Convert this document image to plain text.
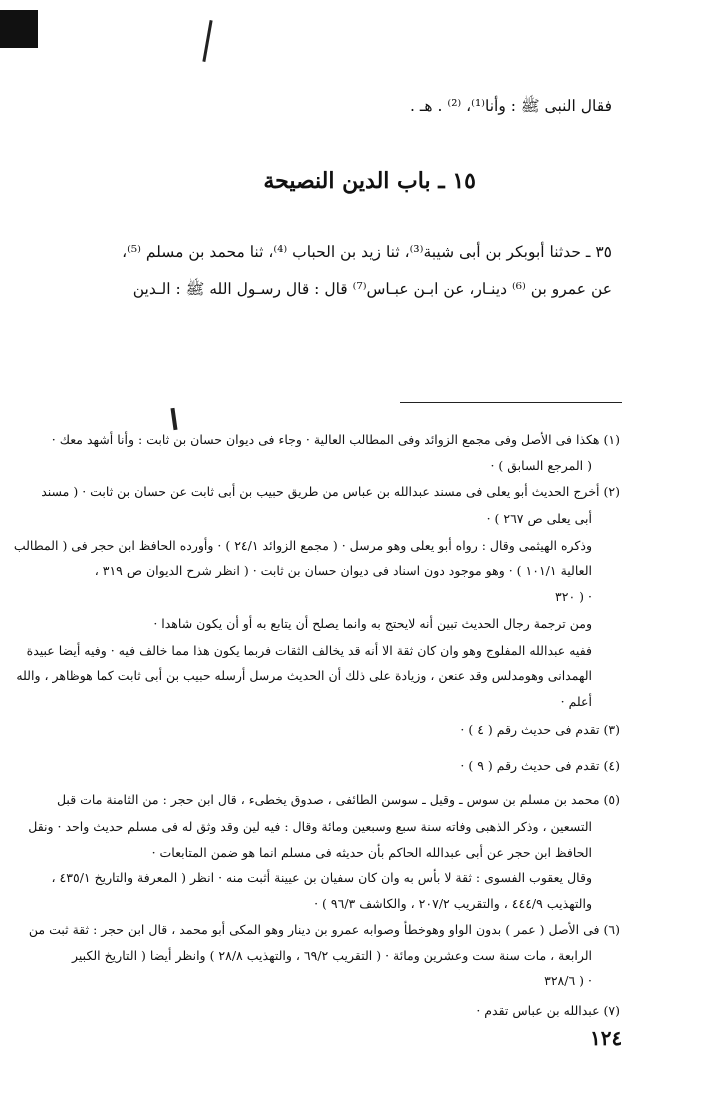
فقال النبى ﷺ : وأنا⁽¹⁾، ⁽²⁾ . هـ .
١٥ ـ باب الدين النصيحة
٣٥ ـ حدثنا أبوبكر بن أبى شيبة⁽³⁾، ثنا زيد بن الحباب ⁽⁴⁾، ثنا محمد بن مسلم ⁽⁵⁾،
عن عمرو بن ⁽⁶⁾ دينـار، عن ابـن عبـاس⁽⁷⁾ قال : قال رسـول الله ﷺ : الـدين
(١) هكذا فى الأصل وفى مجمع الزوائد وفى المطالب العالية · وجاء فى ديوان حسان بن ثابت : وأنا أشهد معك ·
( المرجع السابق ) ·
(٢) أخرج الحديث أبو يعلى فى مسند عبدالله بن عباس من طريق حبيب بن أبى ثابت عن حسان بن ثابت · ( مسند
أبى يعلى ص ٢٦٧ ) ·
وذكره الهيثمى وقال : رواه أبو يعلى وهو مرسل · ( مجمع الزوائد ٢٤/١ ) · وأورده الحافظ ابن حجر فى ( المطالب
العالية ١٠١/١ ) · وهو موجود دون اسناد فى ديوان حسان بن ثابت · ( انظر شرح الديوان ص ٣١٩ ،
٣٢٠ ) ·
ومن ترجمة رجال الحديث تبين أنه لايحتج به وانما يصلح أن يتابع به أو أن يكون شاهدا ·
ففيه عبدالله المفلوج وهو وان كان ثقة الا أنه قد يخالف الثقات فربما يكون هذا مما خالف فيه · وفيه أيضا عبيدة
الهمدانى وهومدلس وقد عنعن ، وزيادة على ذلك أن الحديث مرسل أرسله حبيب بن أبى ثابت كما هوظاهر ، والله
أعلم ·
(٣) تقدم فى حديث رقم ( ٤ ) ·
(٤) تقدم فى حديث رقم ( ٩ ) ·
(٥) محمد بن مسلم بن سوس ـ وقيل ـ سوسن الطائفى ، صدوق يخطىء ، قال ابن حجر : من الثامنة مات قبل
التسعين ، وذكر الذهبى وفاته سنة سبع وسبعين ومائة وقال : فيه لين وقد وثق له فى مسلم حديث واحد · ونقل
الحافظ ابن حجر عن أبى عبدالله الحاكم بأن حديثه فى مسلم انما هو ضمن المتابعات ·
وقال يعقوب الفسوى : ثقة لا بأس به وان كان سفيان بن عيينة أثبت منه · انظر ( المعرفة والتاريخ ٤٣٥/١ ،
والتهذيب ٤٤٤/٩ ، والتقريب ٢٠٧/٢ ، والكاشف ٩٦/٣ ) ·
(٦) فى الأصل ( عمر ) بدون الواو وهوخطأ وصوابه عمرو بن دينار وهو المكى أبو محمد ، قال ابن حجر : ثقة ثبت من
الرابعة ، مات سنة ست وعشرين ومائة · ( التقريب ٦٩/٢ ، والتهذيب ٢٨/٨ ) وانظر أيضا ( التاريخ الكبير
٣٢٨/٦ ) ·
(٧) عبدالله بن عباس تقدم ·
١٢٤
